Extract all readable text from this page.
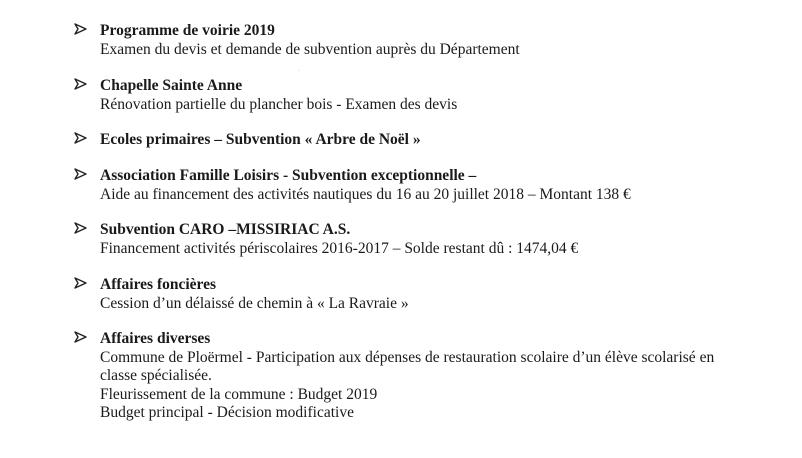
Programme de voirie 2019
Examen du devis et demande de subvention auprès du Département
·
Chapelle Sainte Anne
Rénovation partielle du plancher bois - Examen des devis
Ecoles primaires – Subvention « Arbre de Noël »
Association Famille Loisirs - Subvention exceptionnelle –
Aide au financement des activités nautiques du 16 au 20 juillet 2018 – Montant 138 €
Subvention CARO –MISSIRIAC A.S.
Financement activités périscolaires 2016-2017 – Solde restant dû : 1474,04 €
Affaires foncières
Cession d’un délaissé de chemin à « La Ravraie »
Affaires diverses
Commune de Ploërmel - Participation aux dépenses de restauration scolaire d’un élève scolarisé en classe spécialisée.
Fleurissement de la commune : Budget 2019
Budget principal - Décision modificative
